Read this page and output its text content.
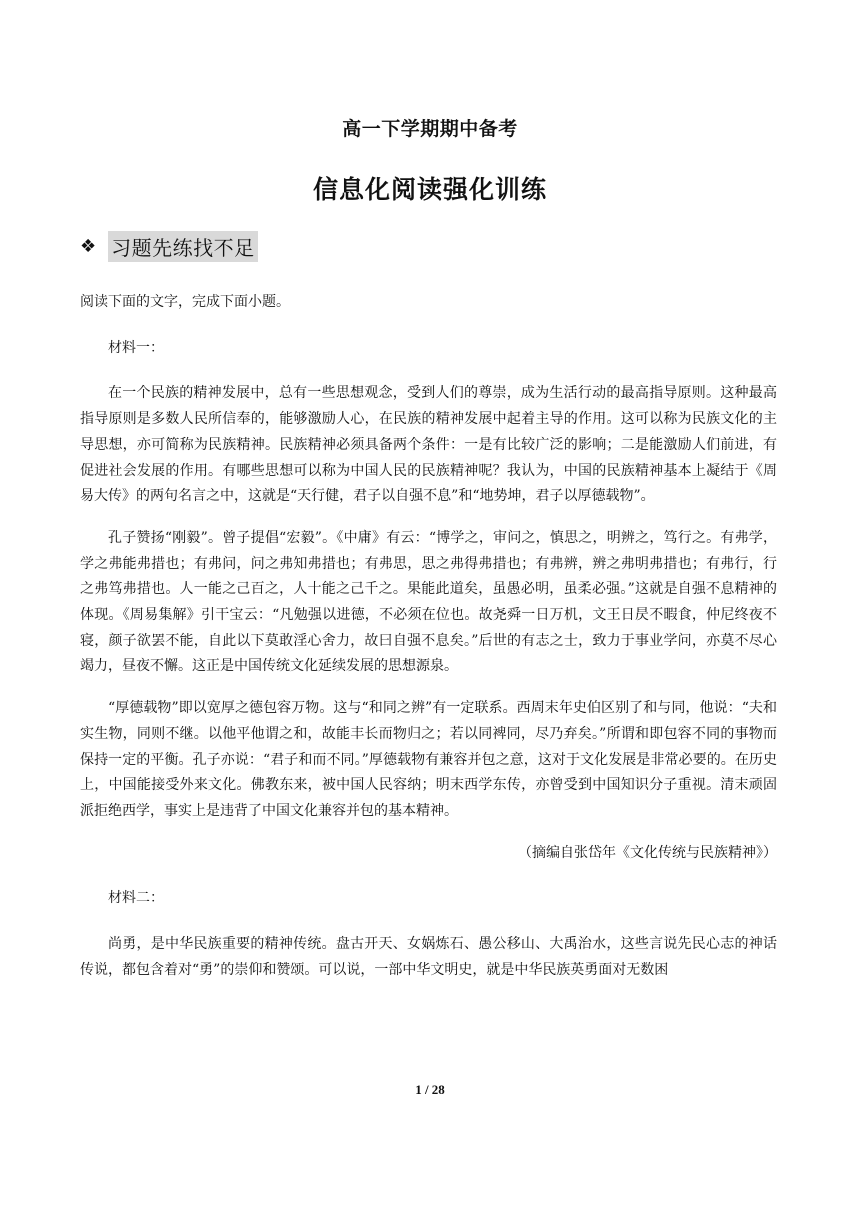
高一下学期期中备考
信息化阅读强化训练
❖ 习题先练找不足

阅读下面的文字，完成下面小题。

材料一：

在一个民族的精神发展中，总有一些思想观念，受到人们的尊崇，成为生活行动的最高指导原则。这种最高指导原则是多数人民所信奉的，能够激励人心，在民族的精神发展中起着主导的作用。这可以称为民族文化的主导思想，亦可简称为民族精神。民族精神必须具备两个条件：一是有比较广泛的影响；二是能激励人们前进，有促进社会发展的作用。有哪些思想可以称为中国人民的民族精神呢？我认为，中国的民族精神基本上凝结于《周易大传》的两句名言之中，这就是“天行健，君子以自强不息”和“地势坤，君子以厚德载物”。

孔子赞扬“刚毅”。曾子提倡“宏毅”。《中庸》有云：“博学之，审问之，慎思之，明辨之，笃行之。有弗学，学之弗能弗措也；有弗问，问之弗知弗措也；有弗思，思之弗得弗措也；有弗辨，辨之弗明弗措也；有弗行，行之弗笃弗措也。人一能之己百之，人十能之己千之。果能此道矣，虽愚必明，虽柔必强。”这就是自强不息精神的体现。《周易集解》引干宝云：“凡勉强以进德，不必须在位也。故尧舜一日万机，文王日昃不暇食，仲尼终夜不寝，颜子欲罢不能，自此以下莫敢淫心舍力，故曰自强不息矣。”后世的有志之士，致力于事业学问，亦莫不尽心竭力，昼夜不懈。这正是中国传统文化延续发展的思想源泉。

“厚德载物”即以宽厚之德包容万物。这与“和同之辨”有一定联系。西周末年史伯区别了和与同，他说：“夫和实生物，同则不继。以他平他谓之和，故能丰长而物归之；若以同裨同，尽乃弃矣。”所谓和即包容不同的事物而保持一定的平衡。孔子亦说：“君子和而不同。”厚德载物有兼容并包之意，这对于文化发展是非常必要的。在历史上，中国能接受外来文化。佛教东来，被中国人民容纳；明末西学东传，亦曾受到中国知识分子重视。清末顽固派拒绝西学，事实上是违背了中国文化兼容并包的基本精神。

（摘编自张岱年《文化传统与民族精神》）

材料二：

尚勇，是中华民族重要的精神传统。盘古开天、女娲炼石、愚公移山、大禹治水，这些言说先民心志的神话传说，都包含着对“勇”的崇仰和赞颂。可以说，一部中华文明史，就是中华民族英勇面对无数困

1 / 28
